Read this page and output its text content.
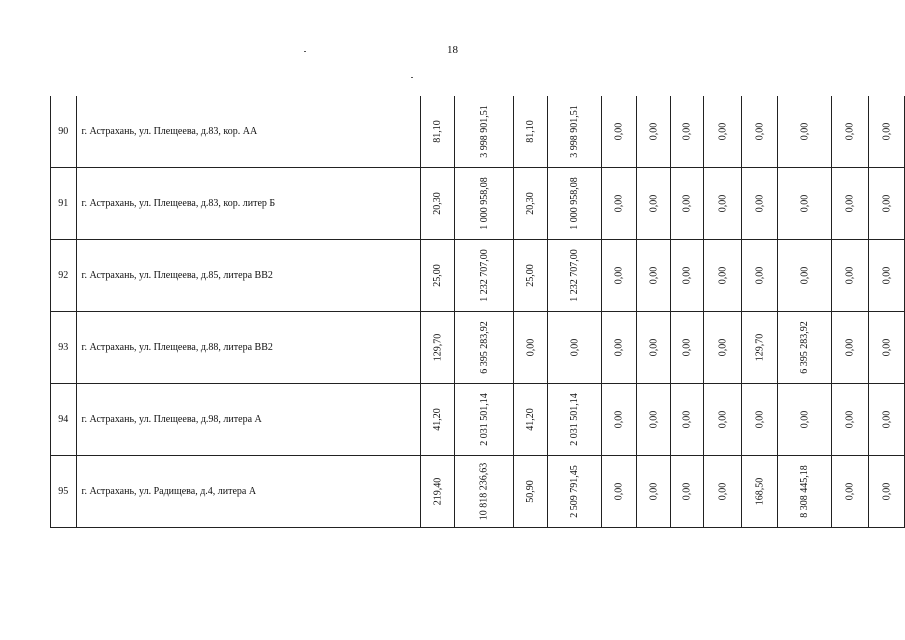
18
90	г. Астрахань, ул. Плещеева, д.83, кор. АА	81,10	3 998 901,51	81,10	3 998 901,51	0,00	0,00	0,00	0,00	0,00	0,00	0,00	0,00
91	г. Астрахань, ул. Плещеева, д.83, кор. литер Б	20,30	1 000 958,08	20,30	1 000 958,08	0,00	0,00	0,00	0,00	0,00	0,00	0,00	0,00
92	г. Астрахань, ул. Плещеева, д.85, литера ВВ2	25,00	1 232 707,00	25,00	1 232 707,00	0,00	0,00	0,00	0,00	0,00	0,00	0,00	0,00
93	г. Астрахань, ул. Плещеева, д.88, литера ВВ2	129,70	6 395 283,92	0,00	0,00	0,00	0,00	0,00	0,00	129,70	6 395 283,92	0,00	0,00
94	г. Астрахань, ул. Плещеева, д.98, литера А	41,20	2 031 501,14	41,20	2 031 501,14	0,00	0,00	0,00	0,00	0,00	0,00	0,00	0,00
95	г. Астрахань, ул. Радищева, д.4, литера А	219,40	10 818 236,63	50,90	2 509 791,45	0,00	0,00	0,00	0,00	168,50	8 308 445,18	0,00	0,00
